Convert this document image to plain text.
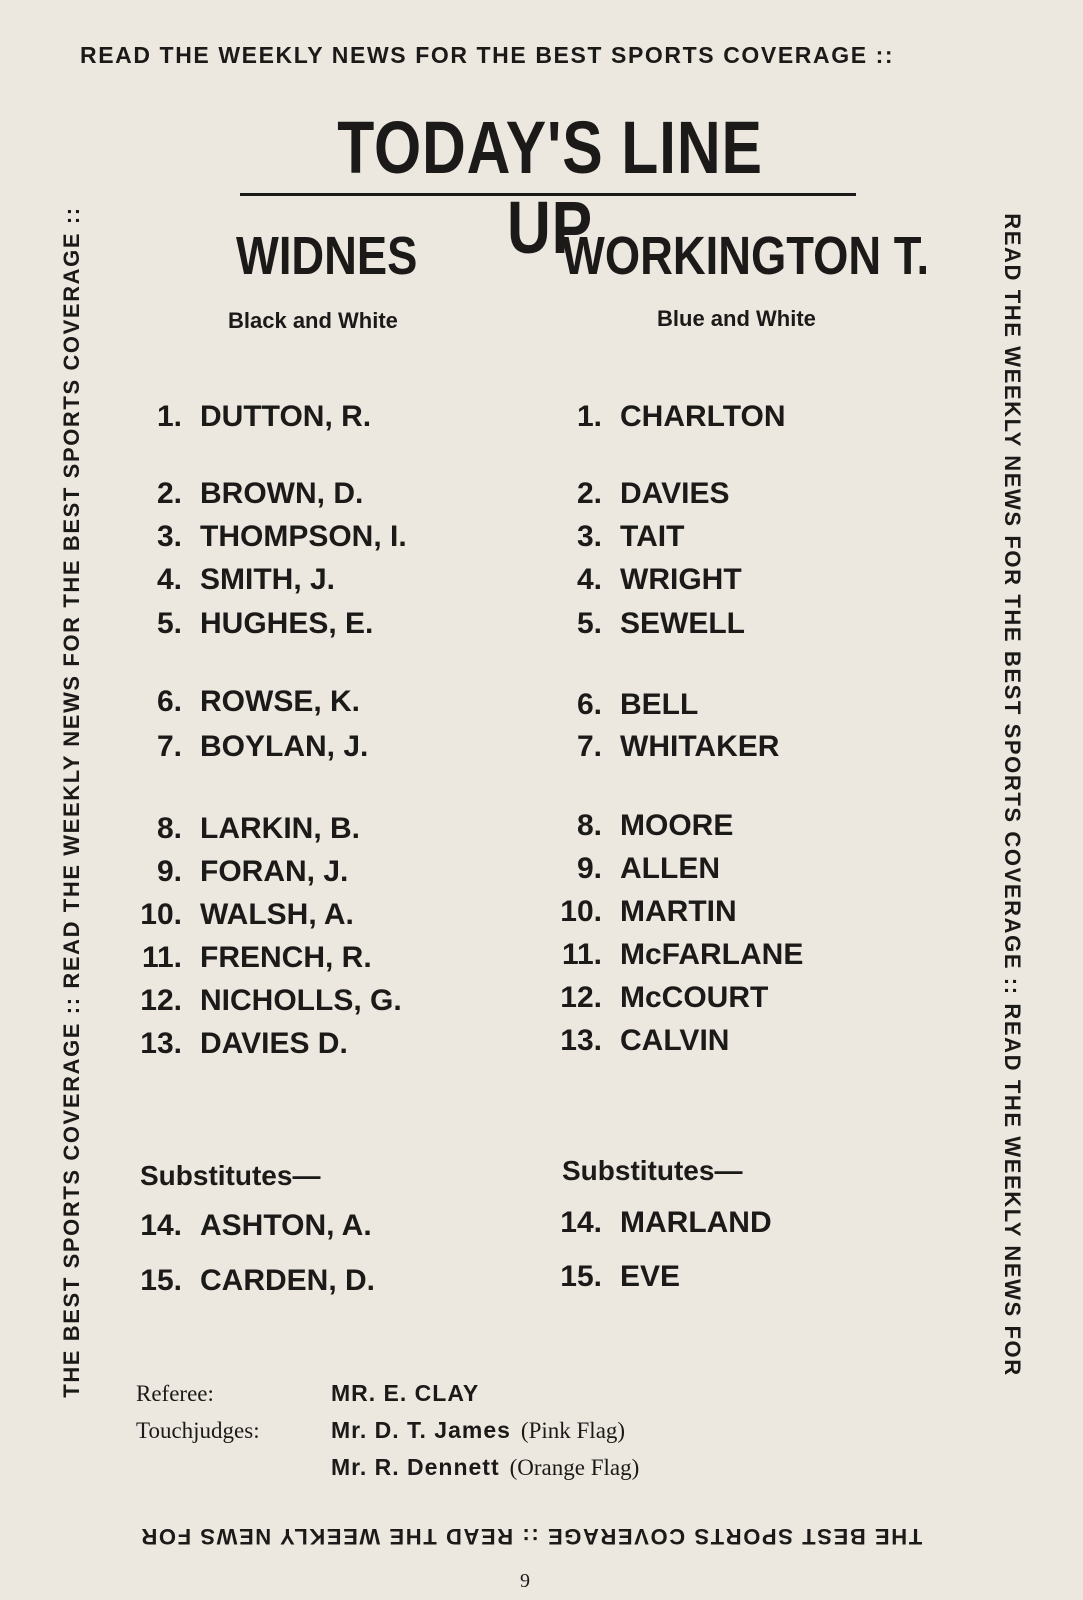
READ THE WEEKLY NEWS FOR THE BEST SPORTS COVERAGE ::
READ THE WEEKLY NEWS FOR THE BEST SPORTS COVERAGE :: READ THE WEEKLY NEWS FOR
THE BEST SPORTS COVERAGE :: READ THE WEEKLY NEWS FOR
THE BEST SPORTS COVERAGE :: READ THE WEEKLY NEWS FOR THE BEST SPORTS COVERAGE ::
TODAY'S LINE UP
WIDNES
Black and White
WORKINGTON T.
Blue and White
1. DUTTON, R.
2. BROWN, D.
3. THOMPSON, I.
4. SMITH, J.
5. HUGHES, E.
6. ROWSE, K.
7. BOYLAN, J.
8. LARKIN, B.
9. FORAN, J.
10. WALSH, A.
11. FRENCH, R.
12. NICHOLLS, G.
13. DAVIES D.
Substitutes—
14. ASHTON, A.
15. CARDEN, D.
1. CHARLTON
2. DAVIES
3. TAIT
4. WRIGHT
5. SEWELL
6. BELL
7. WHITAKER
8. MOORE
9. ALLEN
10. MARTIN
11. McFARLANE
12. McCOURT
13. CALVIN
Substitutes—
14. MARLAND
15. EVE
Referee:	MR. E. CLAY
Touchjudges:	Mr. D. T. James (Pink Flag)
Mr. R. Dennett (Orange Flag)
9
